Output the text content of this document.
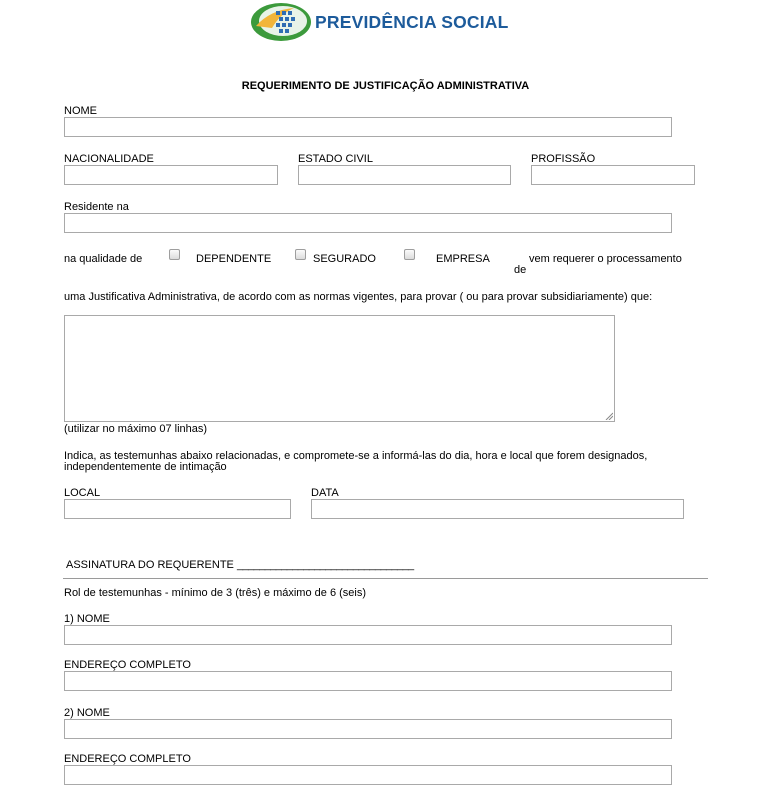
PREVIDÊNCIA SOCIAL
REQUERIMENTO DE JUSTIFICAÇÃO ADMINISTRATIVA
NOME
NACIONALIDADE	ESTADO CIVIL	PROFISSÃO
Residente na
na qualidade de	DEPENDENTE	SEGURADO	EMPRESA	vem requerer o processamento
de
uma Justificativa Administrativa, de acordo com as normas vigentes, para provar ( ou para provar subsidiariamente) que:
(utilizar no máximo 07 linhas)
Indica, as testemunhas abaixo relacionadas, e compromete-se a informá-las do dia, hora e local que forem designados,
independentemente de intimação
LOCAL	DATA
ASSINATURA DO REQUERENTE ________________________________
Rol de testemunhas - mínimo de 3 (três) e máximo de 6 (seis)
1) NOME
ENDEREÇO COMPLETO
2) NOME
ENDEREÇO COMPLETO
